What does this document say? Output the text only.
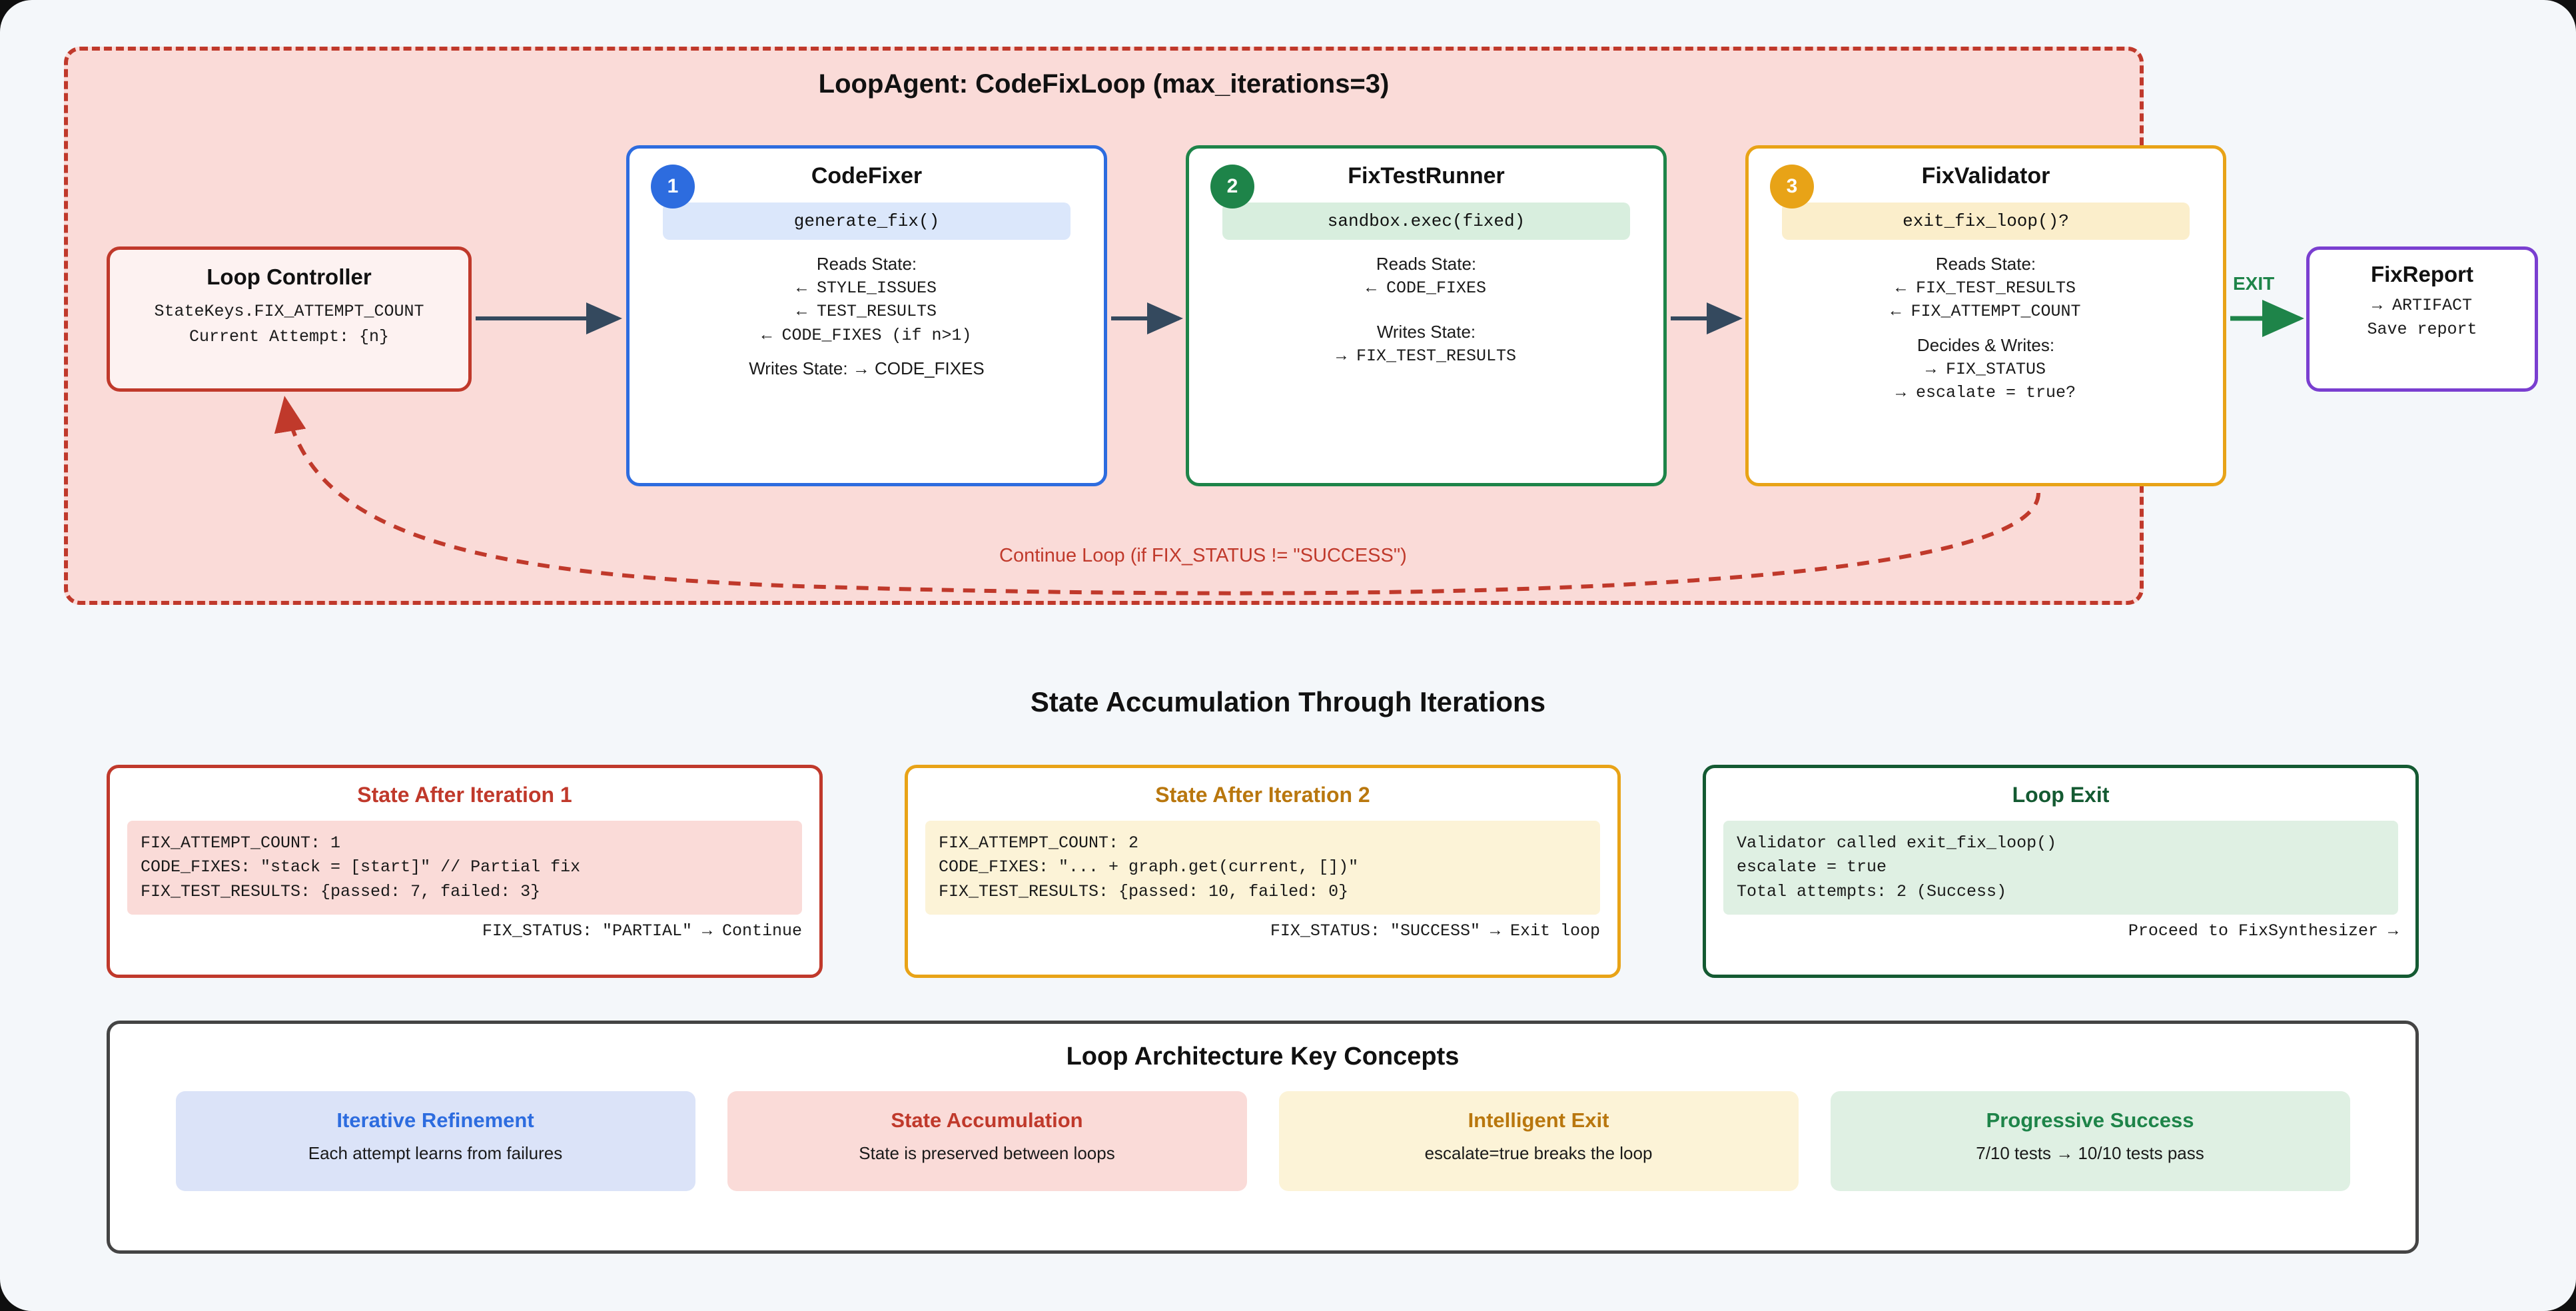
LoopAgent: CodeFixLoop (max_iterations=3)
Loop Controller
StateKeys.FIX_ATTEMPT_COUNT
Current Attempt: {n}
1	CodeFixer
generate_fix()
Reads State:
← STYLE_ISSUES
← TEST_RESULTS
← CODE_FIXES (if n>1)
Writes State: → CODE_FIXES
2	FixTestRunner
sandbox.exec(fixed)
Reads State:
← CODE_FIXES
Writes State:
→ FIX_TEST_RESULTS
3	FixValidator
exit_fix_loop()?
Reads State:
← FIX_TEST_RESULTS
← FIX_ATTEMPT_COUNT
Decides & Writes:
→ FIX_STATUS
→ escalate = true?
FixReport
→ ARTIFACT
Save report
EXIT
Continue Loop (if FIX_STATUS != "SUCCESS")
State Accumulation Through Iterations
State After Iteration 1
FIX_ATTEMPT_COUNT: 1
CODE_FIXES: "stack = [start]" // Partial fix
FIX_TEST_RESULTS: {passed: 7, failed: 3}
FIX_STATUS: "PARTIAL" → Continue
State After Iteration 2
FIX_ATTEMPT_COUNT: 2
CODE_FIXES: "... + graph.get(current, [])"
FIX_TEST_RESULTS: {passed: 10, failed: 0}
FIX_STATUS: "SUCCESS" → Exit loop
Loop Exit
Validator called exit_fix_loop()
escalate = true
Total attempts: 2 (Success)
Proceed to FixSynthesizer →
Loop Architecture Key Concepts
Iterative Refinement
Each attempt learns from failures
State Accumulation
State is preserved between loops
Intelligent Exit
escalate=true breaks the loop
Progressive Success
7/10 tests → 10/10 tests pass
